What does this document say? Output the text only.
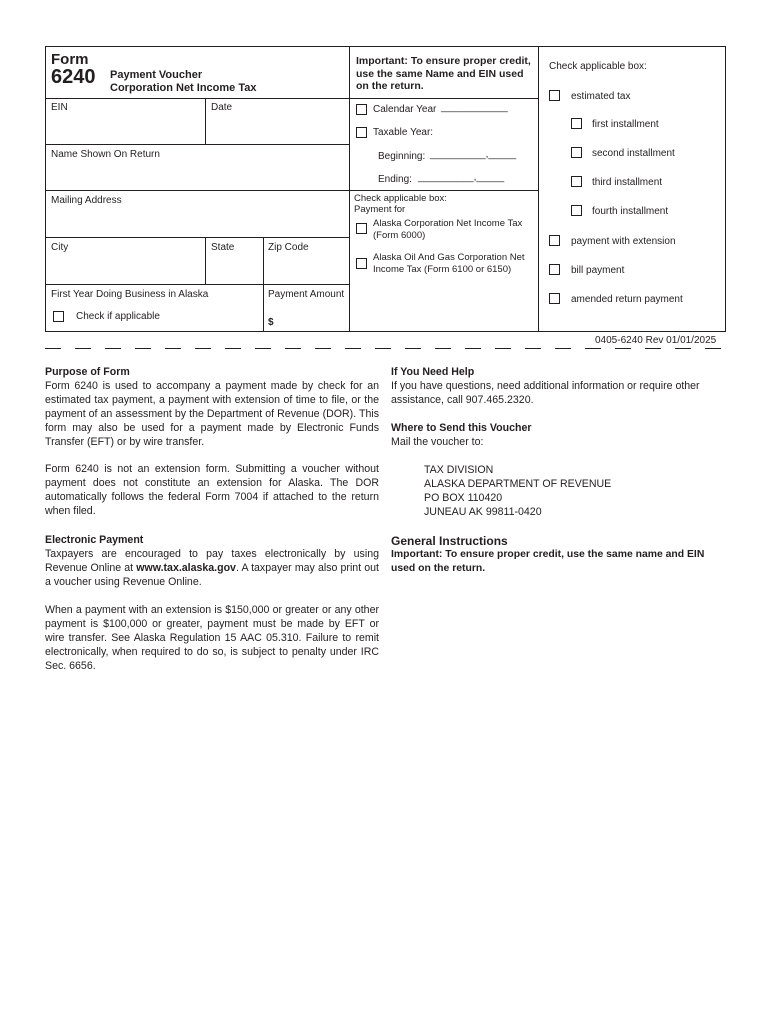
Form
6240 Payment Voucher
Corporation Net Income Tax
Important: To ensure proper credit, use the same Name and EIN used on the return.
EIN	Date
Name Shown On Return
Mailing Address
City	State	Zip Code
First Year Doing Business in Alaska
Check if applicable
Payment Amount
$
Calendar Year ____________
Taxable Year:
Beginning: __________,_____
Ending: __________,_____
Check applicable box:
Payment for
Alaska Corporation Net Income Tax (Form 6000)
Alaska Oil And Gas Corporation Net Income Tax (Form 6100 or 6150)
Check applicable box:
estimated tax
first installment
second installment
third installment
fourth installment
payment with extension
bill payment
amended return payment
0405-6240 Rev 01/01/2025
Purpose of Form
Form 6240 is used to accompany a payment made by check for an estimated tax payment, a payment with extension of time to file, or the payment of an assessment by the Department of Revenue (DOR). This form may also be used for a payment made by Electronic Funds Transfer (EFT) or by wire transfer.
Form 6240 is not an extension form. Submitting a voucher without payment does not constitute an extension for Alaska. The DOR automatically follows the federal Form 7004 if attached to the return when filed.
Electronic Payment
Taxpayers are encouraged to pay taxes electronically by using Revenue Online at www.tax.alaska.gov. A taxpayer may also print out a voucher using Revenue Online.
When a payment with an extension is $150,000 or greater or any other payment is $100,000 or greater, payment must be made by EFT or wire transfer. See Alaska Regulation 15 AAC 05.310. Failure to remit electronically, when required to do so, is subject to penalty under IRC Sec. 6656.
If You Need Help
If you have questions, need additional information or require other assistance, call 907.465.2320.
Where to Send this Voucher
Mail the voucher to:
TAX DIVISION
ALASKA DEPARTMENT OF REVENUE
PO BOX 110420
JUNEAU AK 99811-0420
General Instructions
Important: To ensure proper credit, use the same name and EIN used on the return.
